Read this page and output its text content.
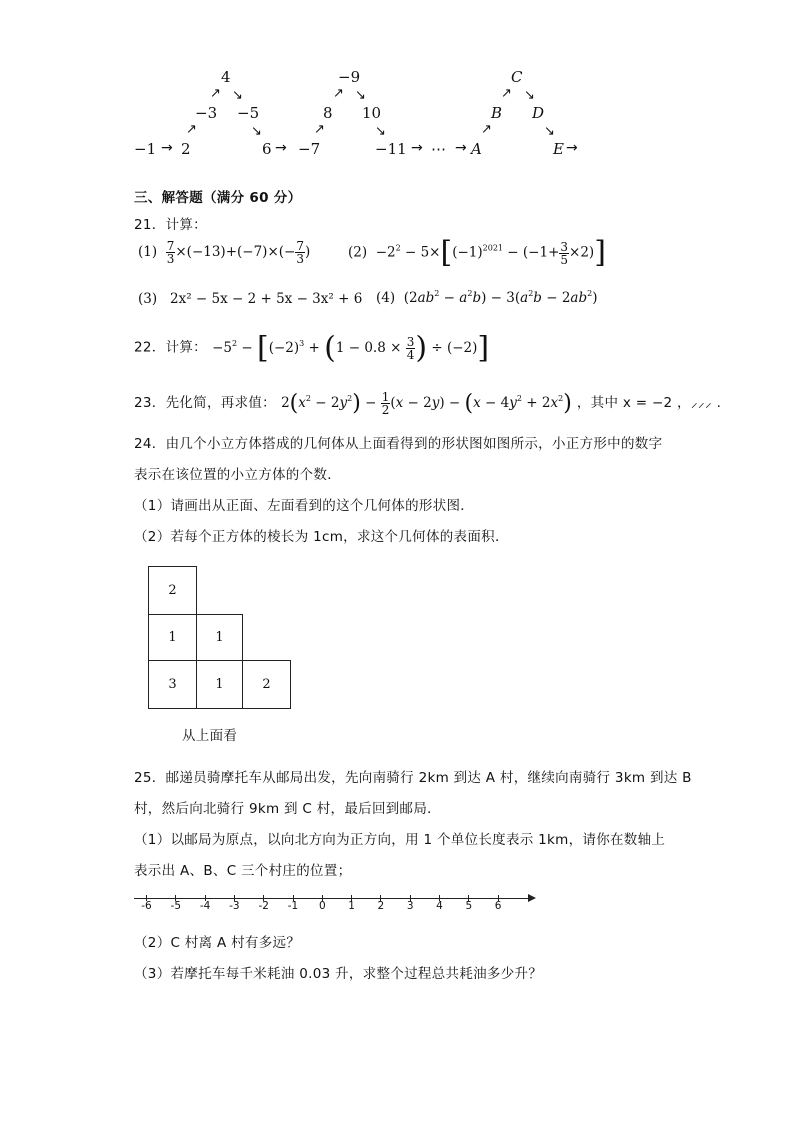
4	−9	C
↗ ↘	↗ ↘	↗ ↘
−3 −5	8 10	B D
↗	↘	↗	↘	↗	↘
−1 → 2	6 → −7	−11 → ⋯ → A	E →
三、解答题（满分 60 分）
21．计算：
$(1) \frac{7}{3} \times(-13)+(-7)\times(- \frac{7}{3}$ )	$(2) -2^2 - 5\times[(-1)^{2021} - (-1+ \frac{3}{5} \times 2)]$
(3) 2x² − 5x − 2 + 5x − 3x² + 6 (4)  $(2ab^2 - a^2b) - 3(a^2b - 2ab^2)$
22．计算： $-5^2 - [(-2)^3 + (1 - 0.8 \times \frac{3}{4}$ ) ÷ (−2)]
23．先化简，再求值： $2(x^2 - 2y^2) - \frac{1}{2} (x - 2y) - (x - 4y^2 + 2x^2)$ ，其中 x = −2 ，⸝⸝⸝ .
24．由几个小立方体搭成的几何体从上面看得到的形状图如图所示，小正方形中的数字
表示在该位置的小立方体的个数．
（1）请画出从正面、左面看到的这个几何体的形状图．
（2）若每个正方体的棱长为 1cm，求这个几何体的表面积．
2
1	1
3	1	2
从上面看
25．邮递员骑摩托车从邮局出发，先向南骑行 2km 到达 A 村，继续向南骑行 3km 到达 B
村，然后向北骑行 9km 到 C 村，最后回到邮局．
（1）以邮局为原点，以向北方向为正方向，用 1 个单位长度表示 1km，请你在数轴上
表示出 A、B、C 三个村庄的位置；
-6 -5 -4 -3 -2 -1 0 1 2 3 4 5 6
（2）C 村离 A 村有多远？
（3）若摩托车每千米耗油 0.03 升，求整个过程总共耗油多少升？
